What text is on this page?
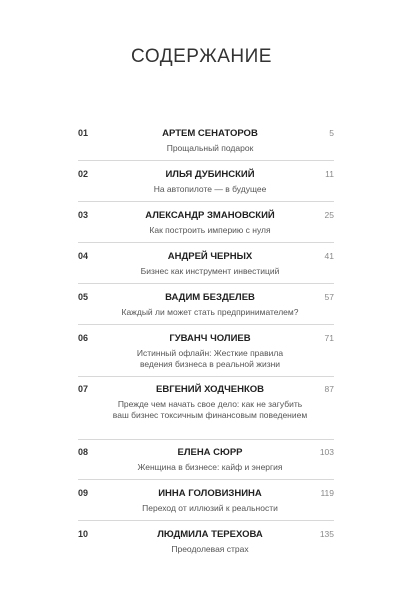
СОДЕРЖАНИЕ
01	АРТЕМ СЕНАТОРОВ
Прощальный подарок
5
02	ИЛЬЯ ДУБИНСКИЙ
На автопилоте — в будущее
11
03	АЛЕКСАНДР ЗМАНОВСКИЙ
Как построить империю с нуля
25
04	АНДРЕЙ ЧЕРНЫХ
Бизнес как инструмент инвестиций
41
05	ВАДИМ БЕЗДЕЛЕВ
Каждый ли может стать предпринимателем?
57
06	ГУВАНЧ ЧОЛИЕВ
Истинный офлайн: Жесткие правила ведения бизнеса в реальной жизни
71
07	ЕВГЕНИЙ ХОДЧЕНКОВ
Прежде чем начать свое дело: как не загубить ваш бизнес токсичным финансовым поведением
87
08	ЕЛЕНА СЮРР
Женщина в бизнесе: кайф и энергия
103
09	ИННА ГОЛОВИЗНИНА
Переход от иллюзий к реальности
119
10	ЛЮДМИЛА ТЕРЕХОВА
Преодолевая страх
135
